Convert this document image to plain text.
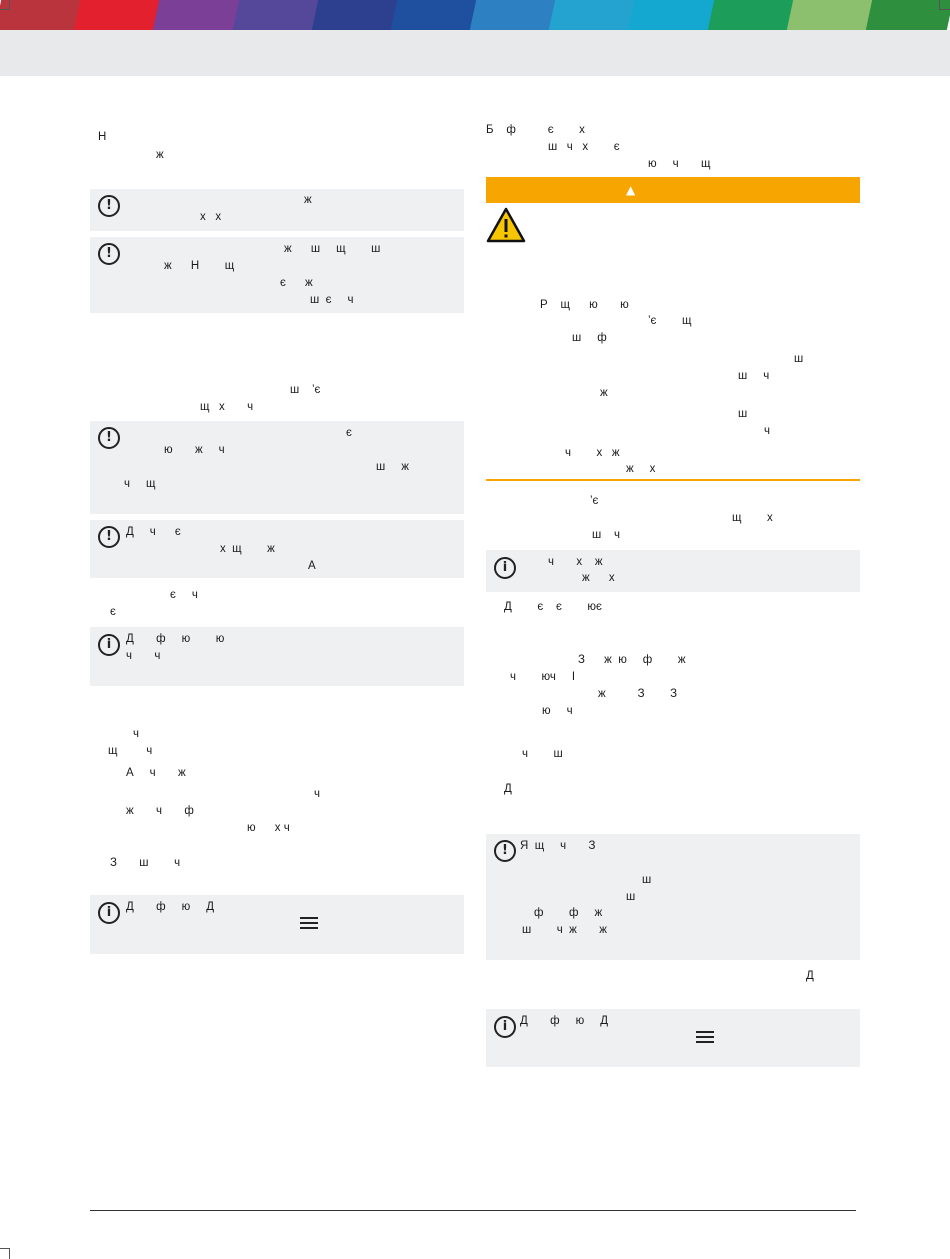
Н
ж
!	ж
х   х
!	ж      ш     щ        ш
ж      Н        щ
є      ж
ш  є     ч
ш    ’є
щ   х       ч
!	є
ю       ж     ч
ш     ж
ч     щ
!	Д     ч      є
х  щ        ж
А
є     ч
є
i	Д       ф     ю        ю
ч       ч
ч
щ         ч
А     ч       ж
ч
ж       ч       ф
ю      х ч
З       ш        ч
i	Д       ф     ю     Д
Б    ф          є        х
ш   ч   х        є
ю     ч       щ
▲
Р    щ      ю       ю
’є        щ
ш     ф
ш
ш     ч
ж
ш
ч
ч        х   ж
ж     х
’є
щ        х
ш    ч
i	ч       х    ж
ж      х
Д        є    є        ює
З      ж  ю     ф        ж
ч        юч     І
ж          З        З
ю     ч
ч        ш
Д
!	Я  щ     ч       З
ш
ш
ф        ф     ж
ш        ч  ж       ж
Д
i	Д       ф     ю     Д
